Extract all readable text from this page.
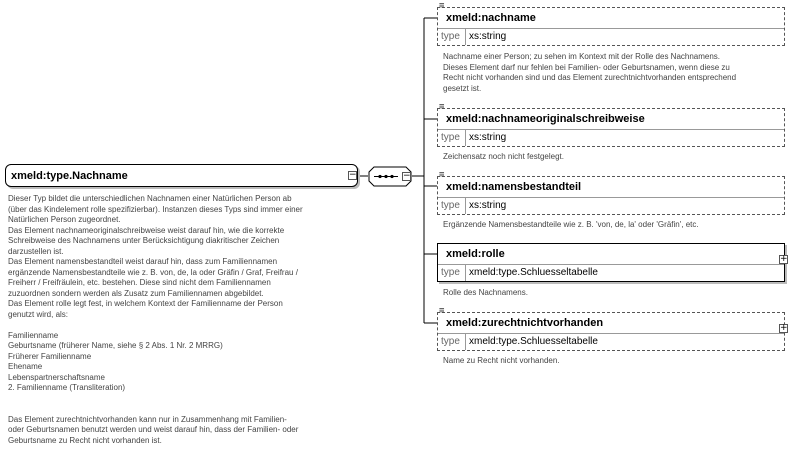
xmeld:type.Nachname	−
Dieser Typ bildet die unterschiedlichen Nachnamen einer Natürlichen Person ab
(über das Kindelement rolle spezifizierbar). Instanzen dieses Typs sind immer einer
Natürlichen Person zugeordnet.
Das Element nachnameoriginalschreibweise weist darauf hin, wie die korrekte
Schreibweise des Nachnamens unter Berücksichtigung diakritischer Zeichen
darzustellen ist.
Das Element namensbestandteil weist darauf hin, dass zum Familiennamen
ergänzende Namensbestandteile wie z. B. von, de, la oder Gräfin / Graf, Freifrau /
Freiherr / Freifräulein, etc. bestehen. Diese sind nicht dem Familiennamen
zuzuordnen sondern werden als Zusatz zum Familiennamen abgebildet.
Das Element rolle legt fest, in welchem Kontext der Familienname der Person
genutzt wird, als:

Familienname
Geburtsname (früherer Name, siehe § 2 Abs. 1 Nr. 2 MRRG)
Früherer Familienname
Ehename
Lebenspartnerschaftsname
2. Familienname (Transliteration)

Das Element zurechtnichtvorhanden kann nur in Zusammenhang mit Familien-
oder Geburtsnamen benutzt werden und weist darauf hin, dass der Familien- oder
Geburtsname zu Recht nicht vorhanden ist.
−
≡
xmeld:nachname
type xs:string
Nachname einer Person; zu sehen im Kontext mit der Rolle des Nachnamens.
Dieses Element darf nur fehlen bei Familien- oder Geburtsnamen, wenn diese zu
Recht nicht vorhanden sind und das Element zurechtnichtvorhanden entsprechend
gesetzt ist.
≡
xmeld:nachnameoriginalschreibweise
type xs:string
Zeichensatz noch nicht festgelegt.
≡
xmeld:namensbestandteil
type xs:string
Ergänzende Namensbestandteile wie z. B. 'von, de, la' oder 'Gräfin', etc.
xmeld:rolle
type xmeld:type.Schluesseltabelle
+
Rolle des Nachnamens.
≡
xmeld:zurechtnichtvorhanden
type xmeld:type.Schluesseltabelle
+
Name zu Recht nicht vorhanden.
